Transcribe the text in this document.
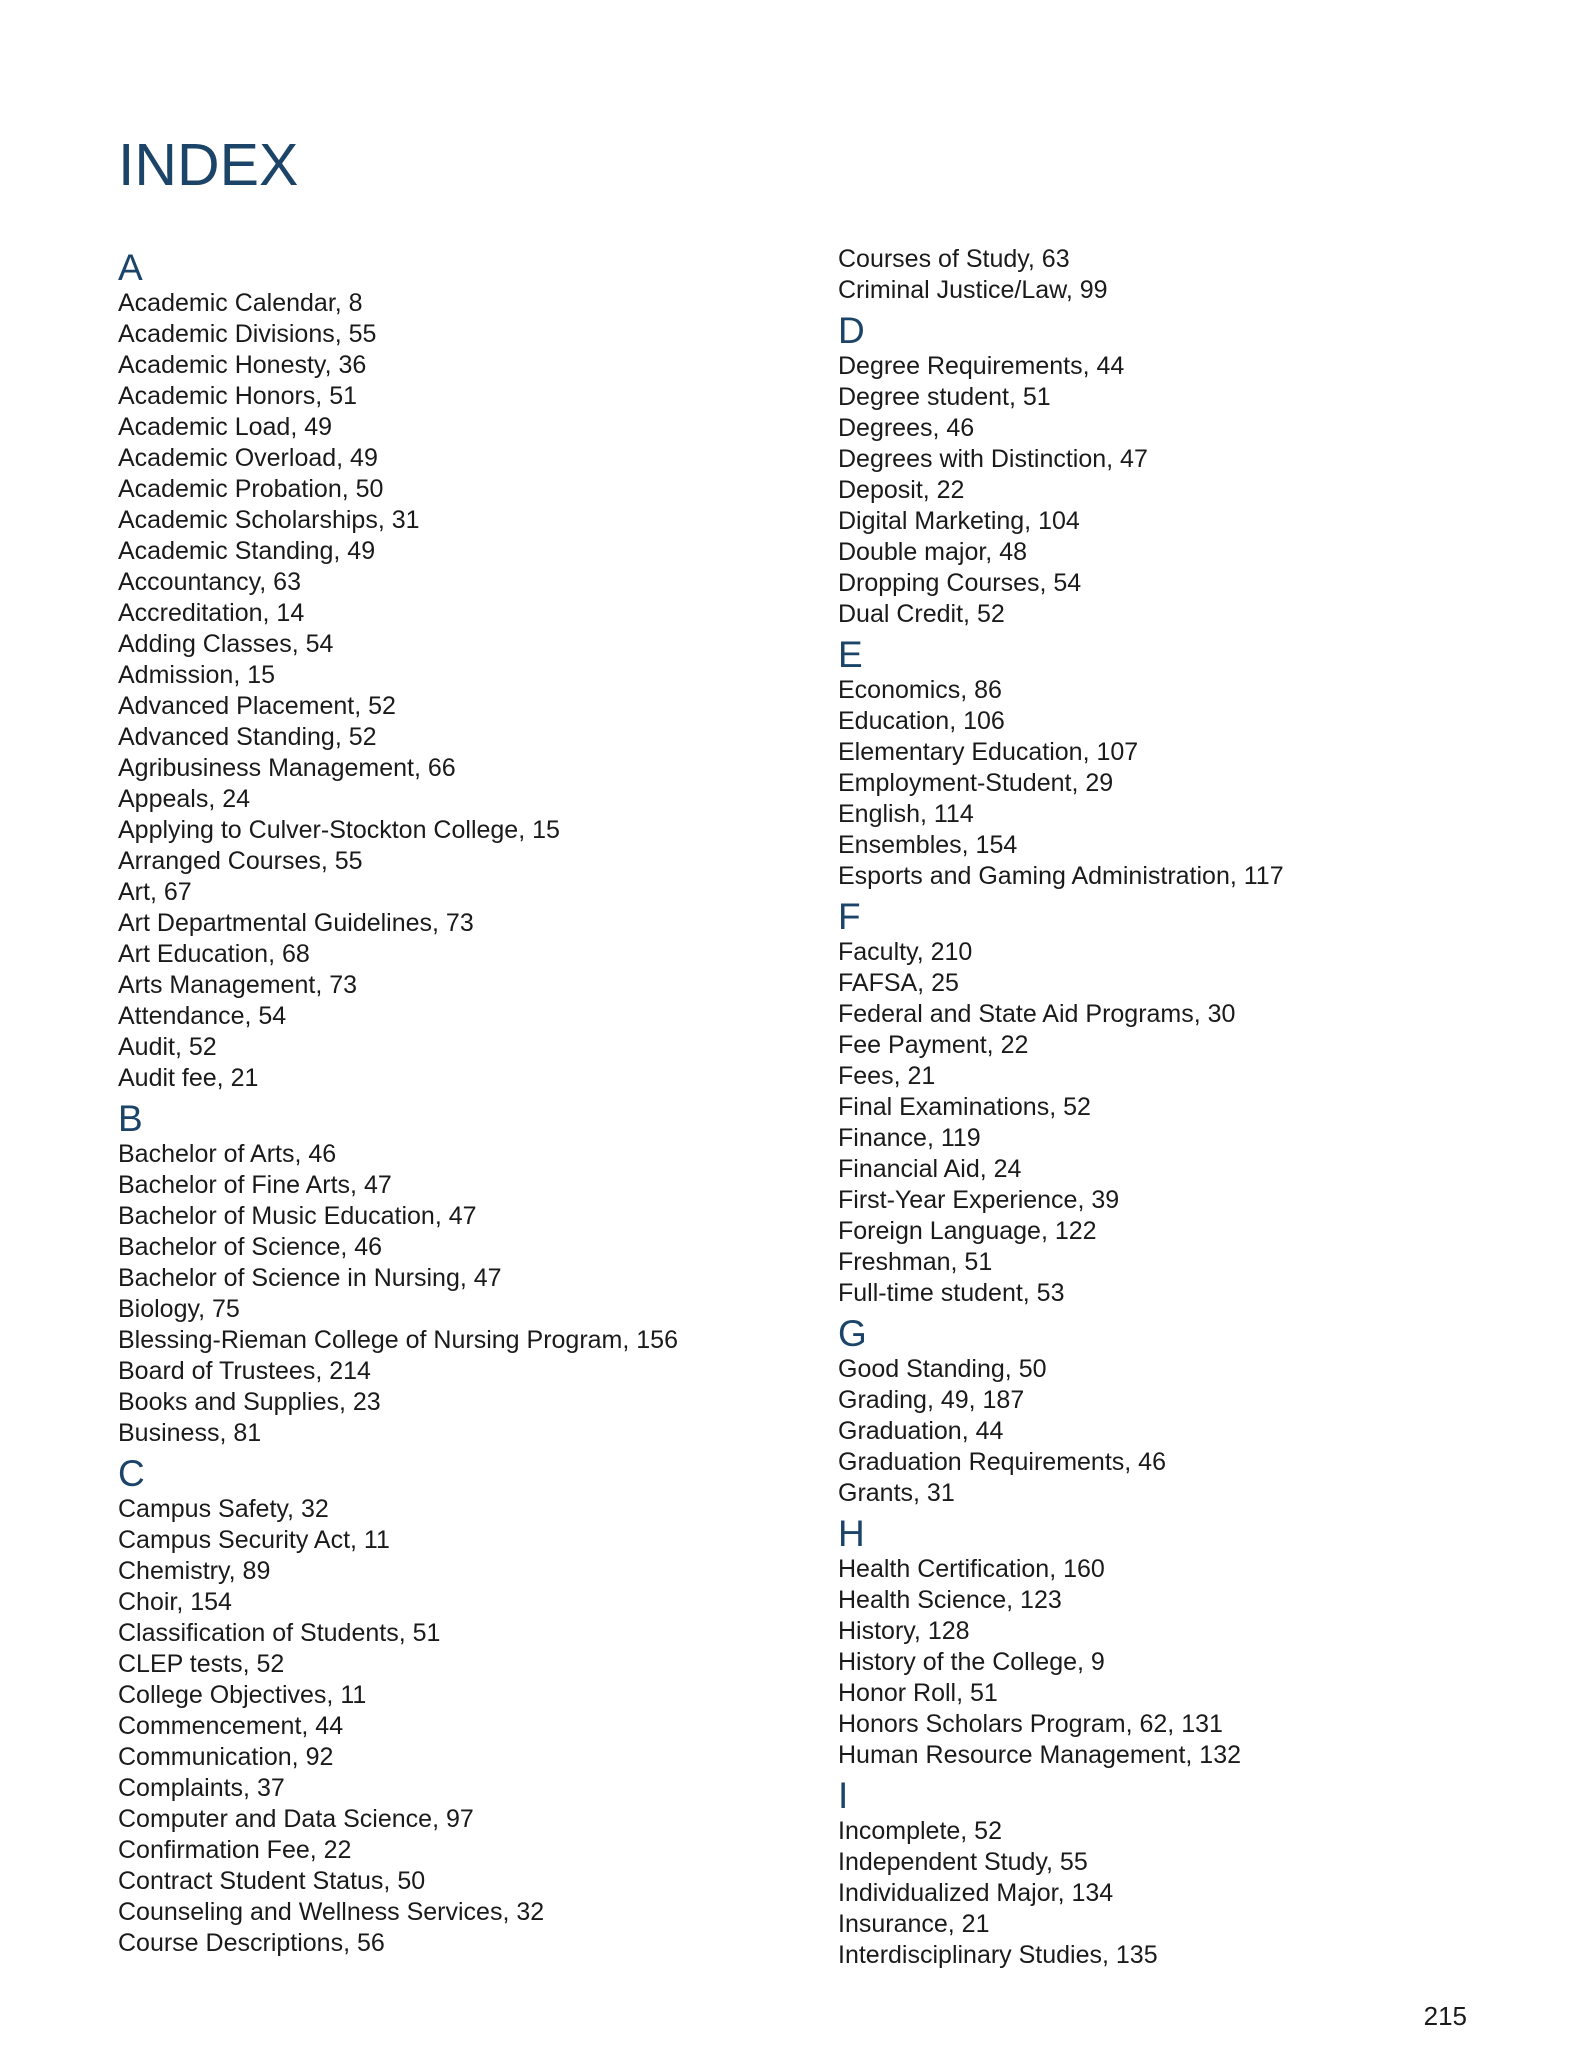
INDEX
A
Academic Calendar, 8
Academic Divisions, 55
Academic Honesty, 36
Academic Honors, 51
Academic Load, 49
Academic Overload, 49
Academic Probation, 50
Academic Scholarships, 31
Academic Standing, 49
Accountancy, 63
Accreditation, 14
Adding Classes, 54
Admission, 15
Advanced Placement, 52
Advanced Standing, 52
Agribusiness Management, 66
Appeals, 24
Applying to Culver-Stockton College, 15
Arranged Courses, 55
Art, 67
Art Departmental Guidelines, 73
Art Education, 68
Arts Management, 73
Attendance, 54
Audit, 52
Audit fee, 21
B
Bachelor of Arts, 46
Bachelor of Fine Arts, 47
Bachelor of Music Education, 47
Bachelor of Science, 46
Bachelor of Science in Nursing, 47
Biology, 75
Blessing-Rieman College of Nursing Program, 156
Board of Trustees, 214
Books and Supplies, 23
Business, 81
C
Campus Safety, 32
Campus Security Act, 11
Chemistry, 89
Choir, 154
Classification of Students, 51
CLEP tests, 52
College Objectives, 11
Commencement, 44
Communication, 92
Complaints, 37
Computer and Data Science, 97
Confirmation Fee, 22
Contract Student Status, 50
Counseling and Wellness Services, 32
Course Descriptions, 56
Courses of Study, 63
Criminal Justice/Law, 99
D
Degree Requirements, 44
Degree student, 51
Degrees, 46
Degrees with Distinction, 47
Deposit, 22
Digital Marketing, 104
Double major, 48
Dropping Courses, 54
Dual Credit, 52
E
Economics, 86
Education, 106
Elementary Education, 107
Employment-Student, 29
English, 114
Ensembles, 154
Esports and Gaming Administration, 117
F
Faculty, 210
FAFSA, 25
Federal and State Aid Programs, 30
Fee Payment, 22
Fees, 21
Final Examinations, 52
Finance, 119
Financial Aid, 24
First-Year Experience, 39
Foreign Language, 122
Freshman, 51
Full-time student, 53
G
Good Standing, 50
Grading, 49, 187
Graduation, 44
Graduation Requirements, 46
Grants, 31
H
Health Certification, 160
Health Science, 123
History, 128
History of the College, 9
Honor Roll, 51
Honors Scholars Program, 62, 131
Human Resource Management, 132
I
Incomplete, 52
Independent Study, 55
Individualized Major, 134
Insurance, 21
Interdisciplinary Studies, 135
215
